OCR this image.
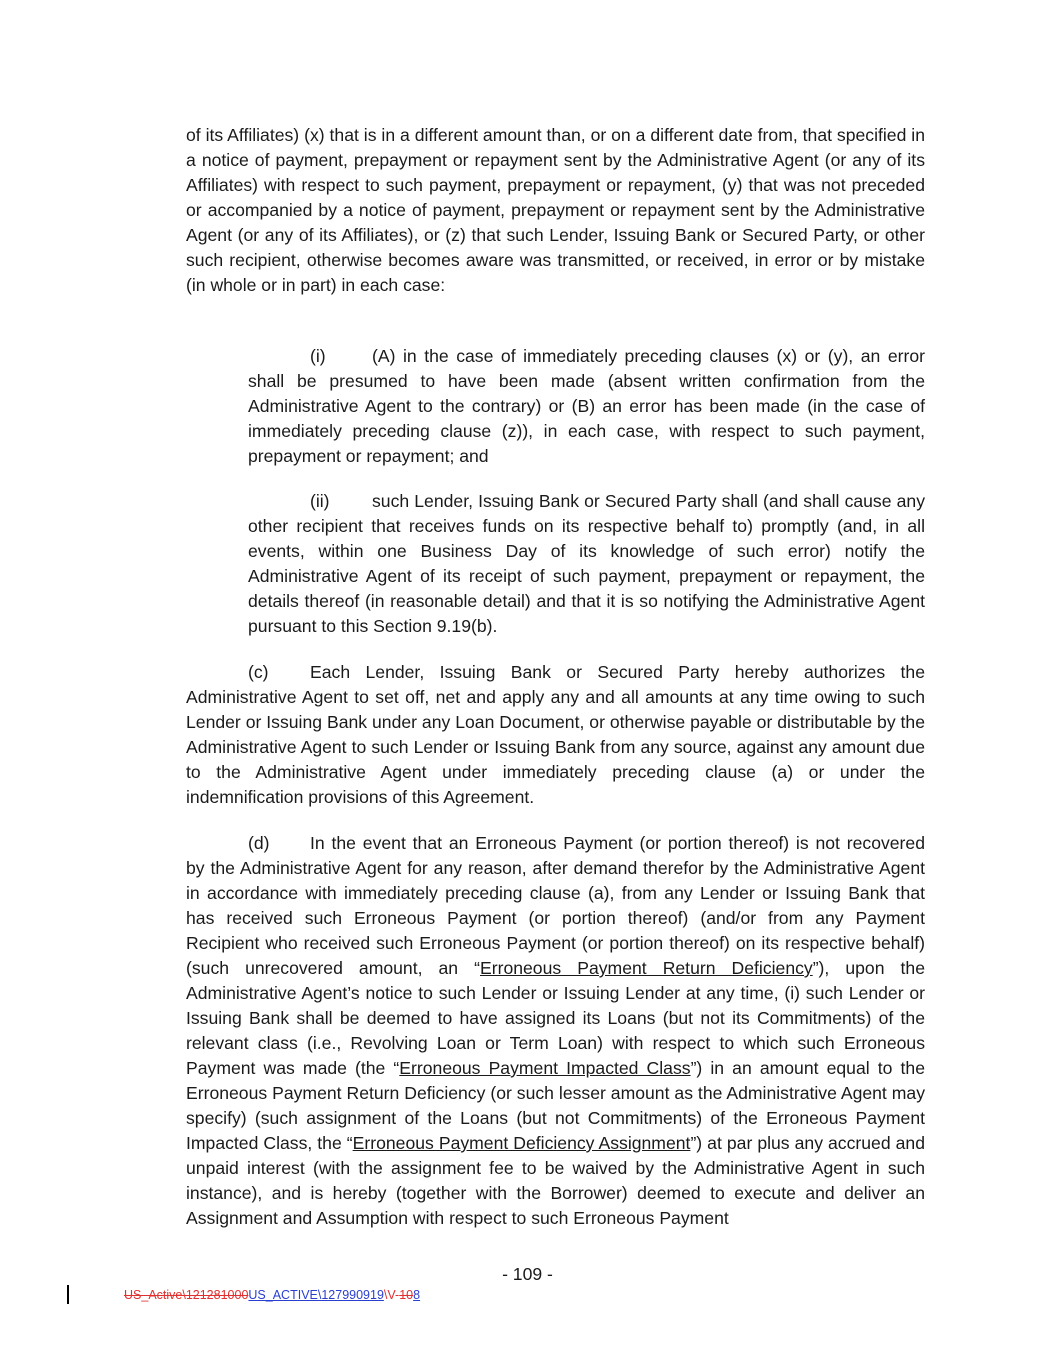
of its Affiliates) (x) that is in a different amount than, or on a different date from, that specified in a notice of payment, prepayment or repayment sent by the Administrative Agent (or any of its Affiliates) with respect to such payment, prepayment or repayment, (y) that was not preceded or accompanied by a notice of payment, prepayment or repayment sent by the Administrative Agent (or any of its Affiliates), or (z) that such Lender, Issuing Bank or Secured Party, or other such recipient, otherwise becomes aware was transmitted, or received, in error or by mistake (in whole or in part) in each case:

(i)	(A) in the case of immediately preceding clauses (x) or (y), an error shall be presumed to have been made (absent written confirmation from the Administrative Agent to the contrary) or (B) an error has been made (in the case of immediately preceding clause (z)), in each case, with respect to such payment, prepayment or repayment; and

(ii) such Lender, Issuing Bank or Secured Party shall (and shall cause any other recipient that receives funds on its respective behalf to) promptly (and, in all events, within one Business Day of its knowledge of such error) notify the Administrative Agent of its receipt of such payment, prepayment or repayment, the details thereof (in reasonable detail) and that it is so notifying the Administrative Agent pursuant to this Section 9.19(b).

(c) Each Lender, Issuing Bank or Secured Party hereby authorizes the Administrative Agent to set off, net and apply any and all amounts at any time owing to such Lender or Issuing Bank under any Loan Document, or otherwise payable or distributable by the Administrative Agent to such Lender or Issuing Bank from any source, against any amount due to the Administrative Agent under immediately preceding clause (a) or under the indemnification provisions of this Agreement.

(d) In the event that an Erroneous Payment (or portion thereof) is not recovered by the Administrative Agent for any reason, after demand therefor by the Administrative Agent in accordance with immediately preceding clause (a), from any Lender or Issuing Bank that has received such Erroneous Payment (or portion thereof) (and/or from any Payment Recipient who received such Erroneous Payment (or portion thereof) on its respective behalf) (such unrecovered amount, an “Erroneous Payment Return Deficiency”), upon the Administrative Agent’s notice to such Lender or Issuing Lender at any time, (i) such Lender or Issuing Bank shall be deemed to have assigned its Loans (but not its Commitments) of the relevant class (i.e., Revolving Loan or Term Loan) with respect to which such Erroneous Payment was made (the “Erroneous Payment Impacted Class”) in an amount equal to the Erroneous Payment Return Deficiency (or such lesser amount as the Administrative Agent may specify) (such assignment of the Loans (but not Commitments) of the Erroneous Payment Impacted Class, the “Erroneous Payment Deficiency Assignment”) at par plus any accrued and unpaid interest (with the assignment fee to be waived by the Administrative Agent in such instance), and is hereby (together with the Borrower) deemed to execute and deliver an Assignment and Assumption with respect to such Erroneous Payment

- 109 -
US_Active\121281000US_ACTIVE\127990919\V-108
